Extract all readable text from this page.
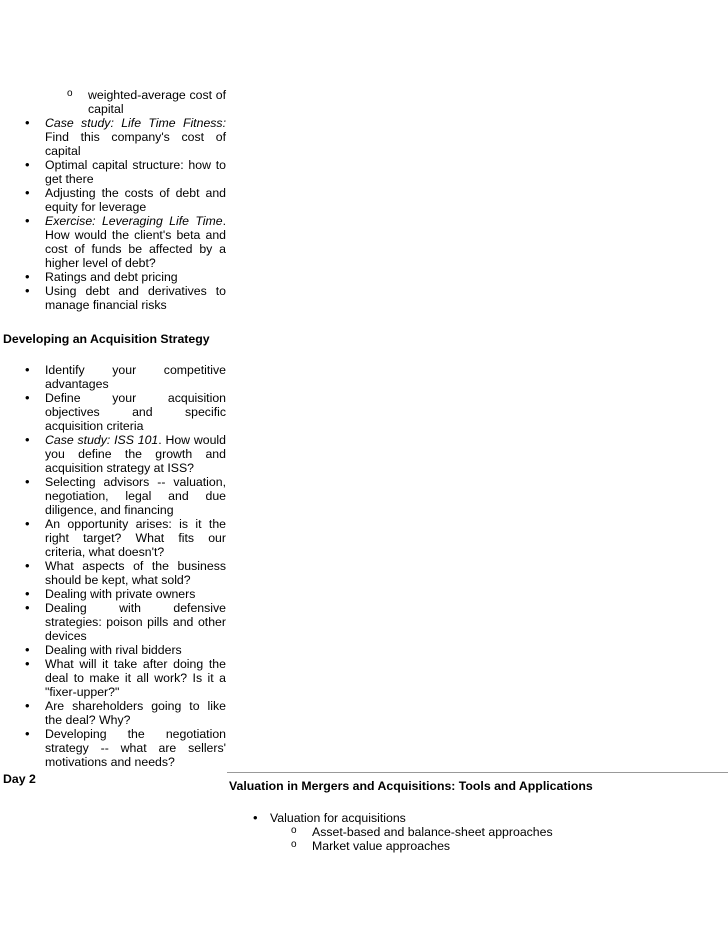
o weighted-average cost of capital
• Case study: Life Time Fitness: Find this company's cost of capital
• Optimal capital structure: how to get there
• Adjusting the costs of debt and equity for leverage
• Exercise: Leveraging Life Time. How would the client's beta and cost of funds be affected by a higher level of debt?
• Ratings and debt pricing
• Using debt and derivatives to manage financial risks
Developing an Acquisition Strategy
• Identify your competitive advantages
• Define your acquisition objectives and specific acquisition criteria
• Case study: ISS 101. How would you define the growth and acquisition strategy at ISS?
• Selecting advisors -- valuation, negotiation, legal and due diligence, and financing
• An opportunity arises: is it the right target? What fits our criteria, what doesn't?
• What aspects of the business should be kept, what sold?
• Dealing with private owners
• Dealing with defensive strategies: poison pills and other devices
• Dealing with rival bidders
• What will it take after doing the deal to make it all work? Is it a "fixer-upper?"
• Are shareholders going to like the deal? Why?
• Developing the negotiation strategy -- what are sellers' motivations and needs?
Day 2	Valuation in Mergers and Acquisitions: Tools and Applications
• Valuation for acquisitions
o Asset-based and balance-sheet approaches
o Market value approaches
